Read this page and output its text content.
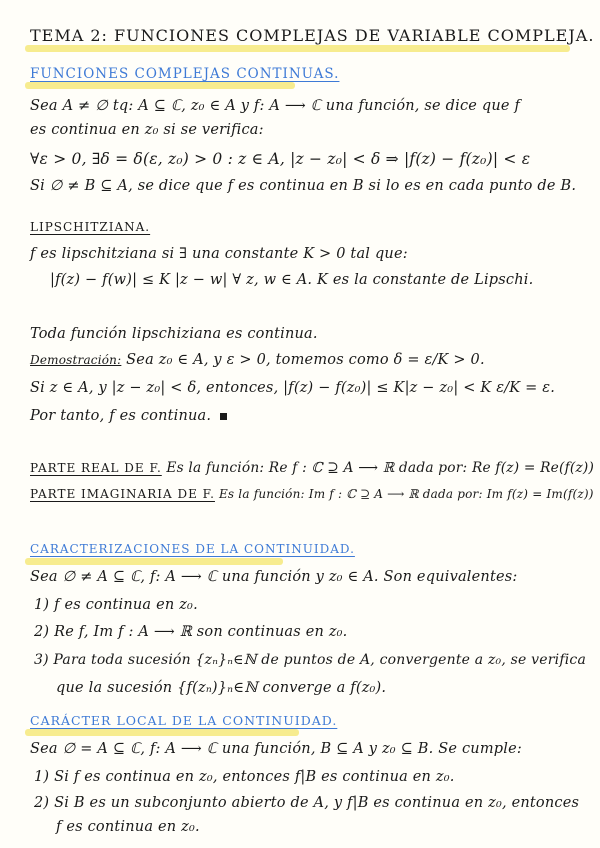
TEMA 2: FUNCIONES COMPLEJAS DE VARIABLE COMPLEJA.
FUNCIONES COMPLEJAS CONTINUAS.
Sea A ≠ ∅ tq: A ⊆ ℂ, z₀ ∈ A y f: A ⟶ ℂ una función, se dice que f
es continua en z₀ si se verifica:
∀ε > 0, ∃δ = δ(ε, z₀) > 0 : z ∈ A, |z − z₀| < δ ⇒ |f(z) − f(z₀)| < ε
Si ∅ ≠ B ⊆ A, se dice que f es continua en B si lo es en cada punto de B.
LIPSCHITZIANA.
f es lipschitziana si ∃ una constante K > 0 tal que:
|f(z) − f(w)| ≤ K |z − w| ∀ z, w ∈ A. K es la constante de Lipschi.
Toda función lipschiziana es continua.
Demostración: Sea z₀ ∈ A, y ε > 0, tomemos como δ = ε/K > 0.
Si z ∈ A, y |z − z₀| < δ, entonces, |f(z) − f(z₀)| ≤ K|z − z₀| < K ε/K = ε.
Por tanto, f es continua.
PARTE REAL DE F. Es la función: Re f : ℂ ⊇ A ⟶ ℝ dada por: Re f(z) = Re(f(z))
PARTE IMAGINARIA DE F. Es la función: Im f : ℂ ⊇ A ⟶ ℝ dada por: Im f(z) = Im(f(z))
CARACTERIZACIONES DE LA CONTINUIDAD.
Sea ∅ ≠ A ⊆ ℂ, f: A ⟶ ℂ una función y z₀ ∈ A. Son equivalentes:
1) f es continua en z₀.
2) Re f, Im f : A ⟶ ℝ son continuas en z₀.
3) Para toda sucesión {zₙ}ₙ∈ℕ de puntos de A, convergente a z₀, se verifica
que la sucesión {f(zₙ)}ₙ∈ℕ converge a f(z₀).
CARÁCTER LOCAL DE LA CONTINUIDAD.
Sea ∅ = A ⊆ ℂ, f: A ⟶ ℂ una función, B ⊆ A y z₀ ⊆ B. Se cumple:
1) Si f es continua en z₀, entonces f|B es continua en z₀.
2) Si B es un subconjunto abierto de A, y f|B es continua en z₀, entonces
f es continua en z₀.
